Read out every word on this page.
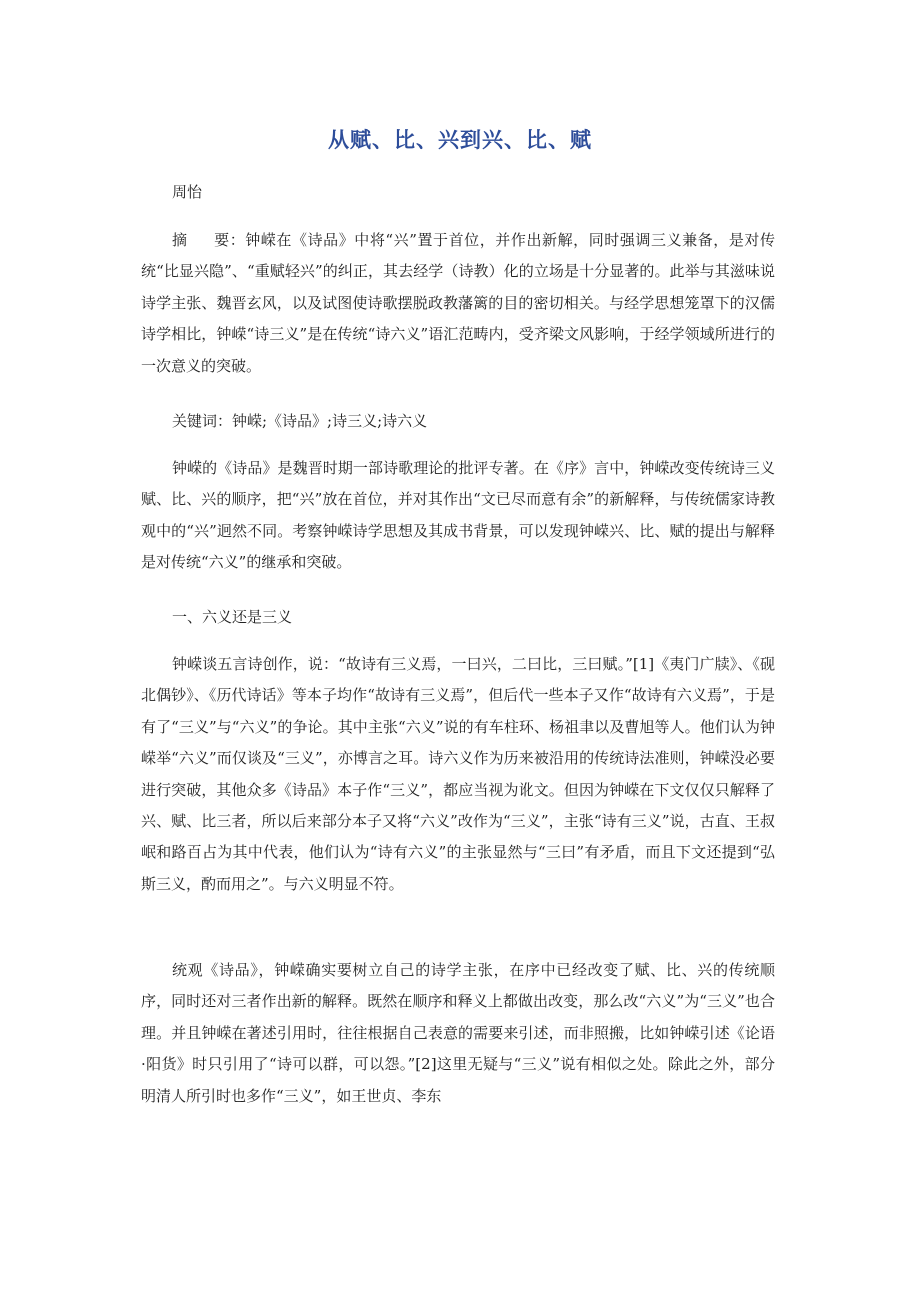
从赋、比、兴到兴、比、赋
周怡

摘 要：钟嵘在《诗品》中将“兴”置于首位，并作出新解，同时强调三义兼备，是对传统“比显兴隐”、“重赋轻兴”的纠正，其去经学（诗教）化的立场是十分显著的。此举与其滋味说诗学主张、魏晋玄风，以及试图使诗歌摆脱政教藩篱的目的密切相关。与经学思想笼罩下的汉儒诗学相比，钟嵘“诗三义”是在传统“诗六义”语汇范畴内，受齐梁文风影响，于经学领域所进行的一次意义的突破。

关键词：钟嵘;《诗品》;诗三义;诗六义

钟嵘的《诗品》是魏晋时期一部诗歌理论的批评专著。在《序》言中，钟嵘改变传统诗三义赋、比、兴的顺序，把“兴”放在首位，并对其作出“文已尽而意有余”的新解释，与传统儒家诗教观中的“兴”迥然不同。考察钟嵘诗学思想及其成书背景，可以发现钟嵘兴、比、赋的提出与解释是对传统“六义”的继承和突破。

一、六义还是三义

钟嵘谈五言诗创作，说：“故诗有三义焉，一曰兴，二曰比，三曰赋。”[1]《夷门广牍》、《砚北偶钞》、《历代诗话》等本子均作“故诗有三义焉”，但后代一些本子又作“故诗有六义焉”，于是有了“三义”与“六义”的争论。其中主张“六义”说的有车柱环、杨祖聿以及曹旭等人。他们认为钟嵘举“六义”而仅谈及“三义”，亦博言之耳。诗六义作为历来被沿用的传统诗法准则，钟嵘没必要进行突破，其他众多《诗品》本子作“三义”，都应当视为讹文。但因为钟嵘在下文仅仅只解释了兴、赋、比三者，所以后来部分本子又将“六义”改作为“三义”，主张“诗有三义”说，古直、王叔岷和路百占为其中代表，他们认为“诗有六义”的主张显然与“三曰”有矛盾，而且下文还提到“弘斯三义，酌而用之”。与六义明显不符。

统观《诗品》，钟嵘确实要树立自己的诗学主张，在序中已经改变了赋、比、兴的传统顺序，同时还对三者作出新的解释。既然在顺序和释义上都做出改变，那么改“六义”为“三义”也合理。并且钟嵘在著述引用时，往往根据自己表意的需要来引述，而非照搬，比如钟嵘引述《论语·阳货》时只引用了“诗可以群，可以怨。”[2]这里无疑与“三义”说有相似之处。除此之外，部分明清人所引时也多作“三义”，如王世贞、李东
